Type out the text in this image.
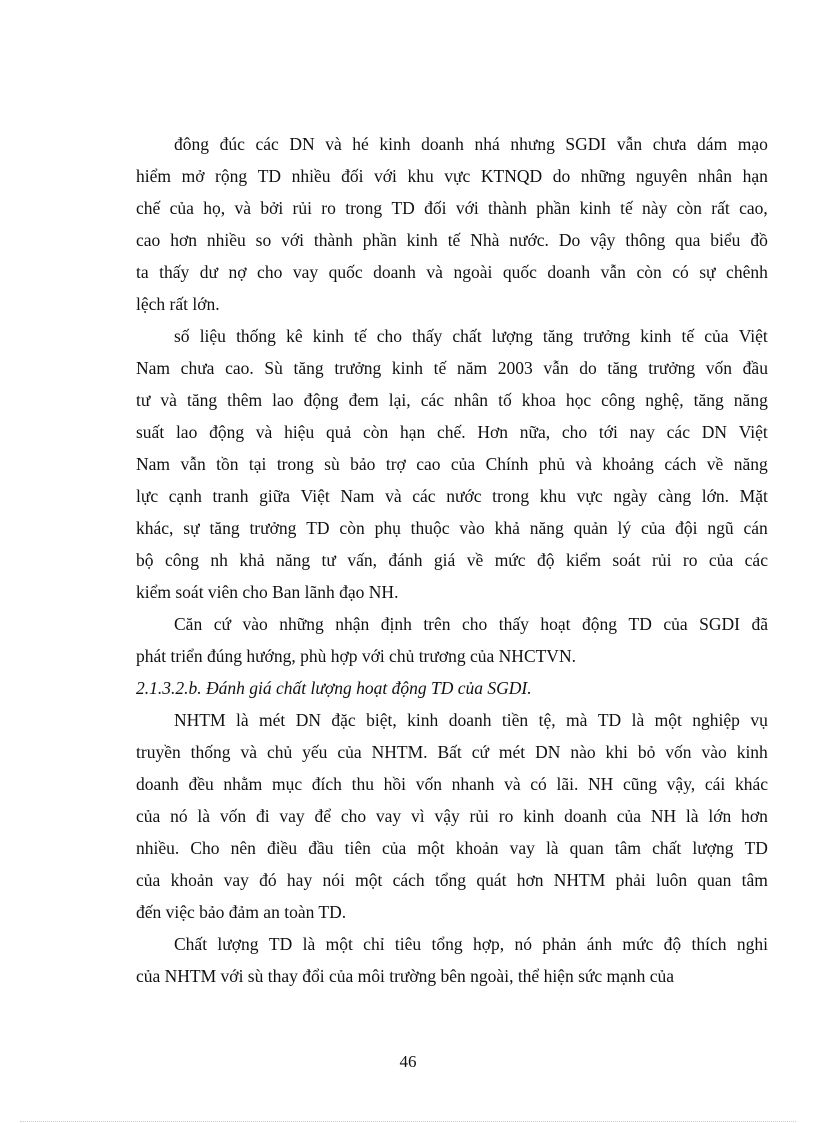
đông đúc các DN và hé kinh doanh nhá nhưng SGDI vẫn chưa dám mạo
hiểm mở rộng TD nhiều đối với khu vực KTNQD do những nguyên nhân hạn
chế của họ, và bởi rủi ro trong TD đối với thành phần kinh tế này còn rất cao,
cao hơn nhiều so với thành phần kinh tế Nhà nước. Do vậy thông qua biểu đồ
ta thấy dư nợ cho vay quốc doanh và ngoài quốc doanh vẫn còn có sự chênh
lệch rất lớn.
số liệu thống kê kinh tế cho thấy chất lượng tăng trưởng kinh tế của Việt
Nam chưa cao. Sù tăng trưởng kinh tế năm 2003 vẫn do tăng trưởng vốn đầu
tư và tăng thêm lao động đem lại, các nhân tố khoa học công nghệ, tăng năng
suất lao động và hiệu quả còn hạn chế. Hơn nữa, cho tới nay các DN Việt
Nam vẫn tồn tại trong sù bảo trợ cao của Chính phủ và khoảng cách về năng
lực cạnh tranh giữa Việt Nam và các nước trong khu vực ngày càng lớn. Mặt
khác, sự tăng trưởng TD còn phụ thuộc vào khả năng quản lý của đội ngũ cán
bộ công nh khả năng tư vấn, đánh giá về mức độ kiểm soát rủi ro của các
kiểm soát viên cho Ban lãnh đạo NH.
Căn cứ vào những nhận định trên cho thấy hoạt động TD của SGDI đã
phát triển đúng hướng, phù hợp với chủ trương của NHCTVN.
2.1.3.2.b. Đánh giá chất lượng hoạt động TD của SGDI.
NHTM là mét DN đặc biệt, kinh doanh tiền tệ, mà TD là một nghiệp vụ
truyền thống và chủ yếu của NHTM. Bất cứ mét DN nào khi bỏ vốn vào kinh
doanh đều nhằm mục đích thu hồi vốn nhanh và có lãi. NH cũng vậy, cái khác
của nó là vốn đi vay để cho vay vì vậy rủi ro kinh doanh của NH là lớn hơn
nhiều. Cho nên điều đầu tiên của một khoản vay là quan tâm chất lượng TD
của khoản vay đó hay nói một cách tổng quát hơn NHTM phải luôn quan tâm
đến việc bảo đảm an toàn TD.
Chất lượng TD là một chỉ tiêu tổng hợp, nó phản ánh mức độ thích nghi
của NHTM với sù thay đổi của môi trường bên ngoài, thể hiện sức mạnh của
46
